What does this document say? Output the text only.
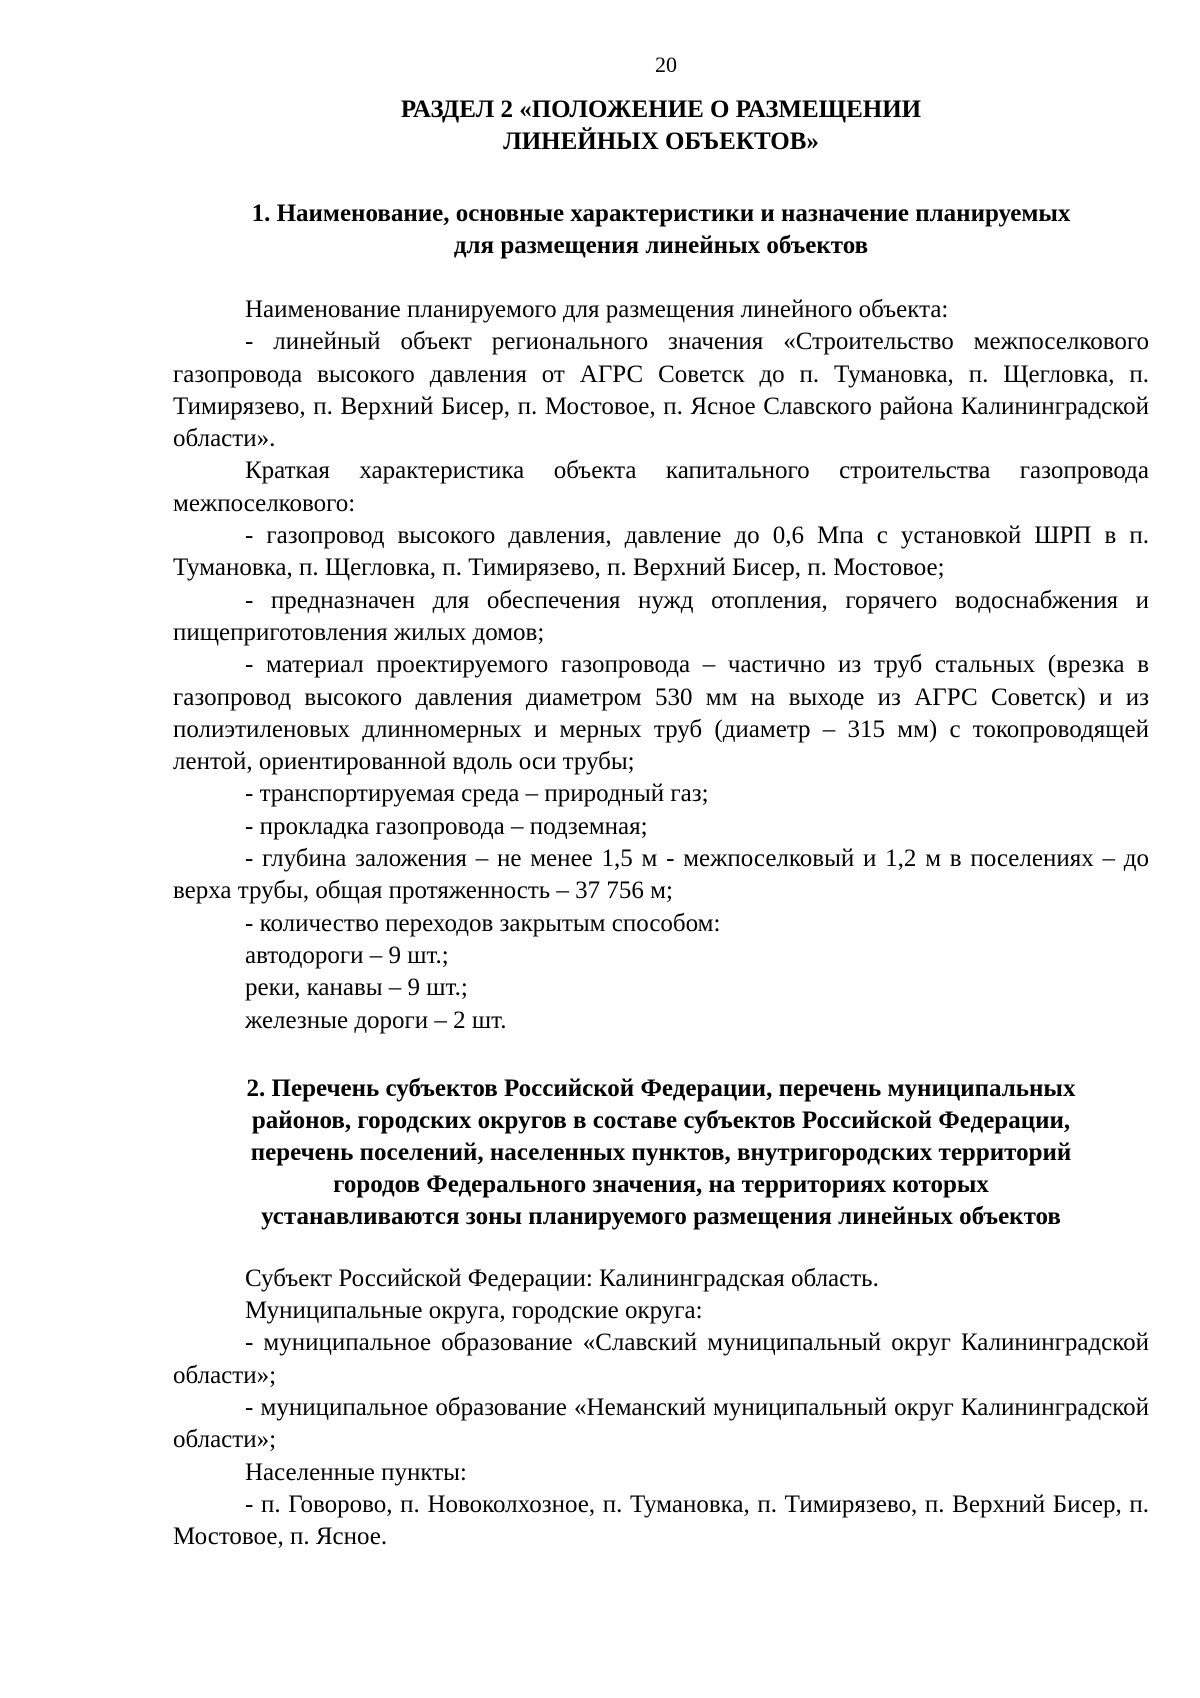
20
РАЗДЕЛ 2 «ПОЛОЖЕНИЕ О РАЗМЕЩЕНИИ
ЛИНЕЙНЫХ ОБЪЕКТОВ»
1. Наименование, основные характеристики и назначение планируемых
для размещения линейных объектов

Наименование планируемого для размещения линейного объекта:

- линейный объект регионального значения «Строительство межпоселкового газопровода высокого давления от АГРС Советск до п. Тумановка, п. Щегловка, п. Тимирязево, п. Верхний Бисер, п. Мостовое, п. Ясное Славского района Калининградской области».

Краткая характеристика объекта капитального строительства газопровода межпоселкового:

- газопровод высокого давления, давление до 0,6 Мпа с установкой ШРП в п. Тумановка, п. Щегловка, п. Тимирязево, п. Верхний Бисер, п. Мостовое;

- предназначен для обеспечения нужд отопления, горячего водоснабжения и пищеприготовления жилых домов;

- материал проектируемого газопровода – частично из труб стальных (врезка в газопровод высокого давления диаметром 530 мм на выходе из АГРС Советск) и из полиэтиленовых длинномерных и мерных труб (диаметр – 315 мм) с токопроводящей лентой, ориентированной вдоль оси трубы;

- транспортируемая среда – природный газ;

- прокладка газопровода – подземная;

- глубина заложения – не менее 1,5 м - межпоселковый и 1,2 м в поселениях – до верха трубы, общая протяженность – 37 756 м;

- количество переходов закрытым способом:

автодороги – 9 шт.;

реки, канавы – 9 шт.;

железные дороги – 2 шт.

2. Перечень субъектов Российской Федерации, перечень муниципальных
районов, городских округов в составе субъектов Российской Федерации,
перечень поселений, населенных пунктов, внутригородских территорий
городов Федерального значения, на территориях которых
устанавливаются зоны планируемого размещения линейных объектов

Субъект Российской Федерации: Калининградская область.

Муниципальные округа, городские округа:

- муниципальное образование «Славский муниципальный округ Калининградской области»;

- муниципальное образование «Неманский муниципальный округ Калининградской области»;

Населенные пункты:

- п. Говорово, п. Новоколхозное, п. Тумановка, п. Тимирязево, п. Верхний Бисер, п. Мостовое, п. Ясное.
